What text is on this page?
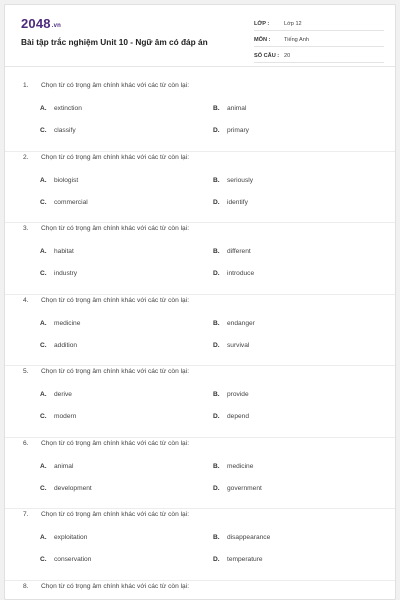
2048.vn
Bài tập trắc nghiệm Unit 10 - Ngữ âm có đáp án
LỚP :	Lớp 12
MÔN :	Tiếng Anh
SỐ CÂU : 20
1. Chọn từ có trọng âm chính khác với các từ còn lại:
A. extinction	B. animal
C. classify	D. primary
2. Chọn từ có trọng âm chính khác với các từ còn lại:
A. biologist	B. seriously
C. commercial	D. identify
3. Chọn từ có trọng âm chính khác với các từ còn lại:
A. habitat	B. different
C. industry	D. introduce
4. Chọn từ có trọng âm chính khác với các từ còn lại:
A. medicine	B. endanger
C. addition	D. survival
5. Chọn từ có trọng âm chính khác với các từ còn lại:
A. derive	B. provide
C. modern	D. depend
6. Chọn từ có trọng âm chính khác với các từ còn lại:
A. animal	B. medicine
C. development	D. government
7. Chọn từ có trọng âm chính khác với các từ còn lại:
A. exploitation	B. disappearance
C. conservation	D. temperature
8. Chọn từ có trọng âm chính khác với các từ còn lại:
